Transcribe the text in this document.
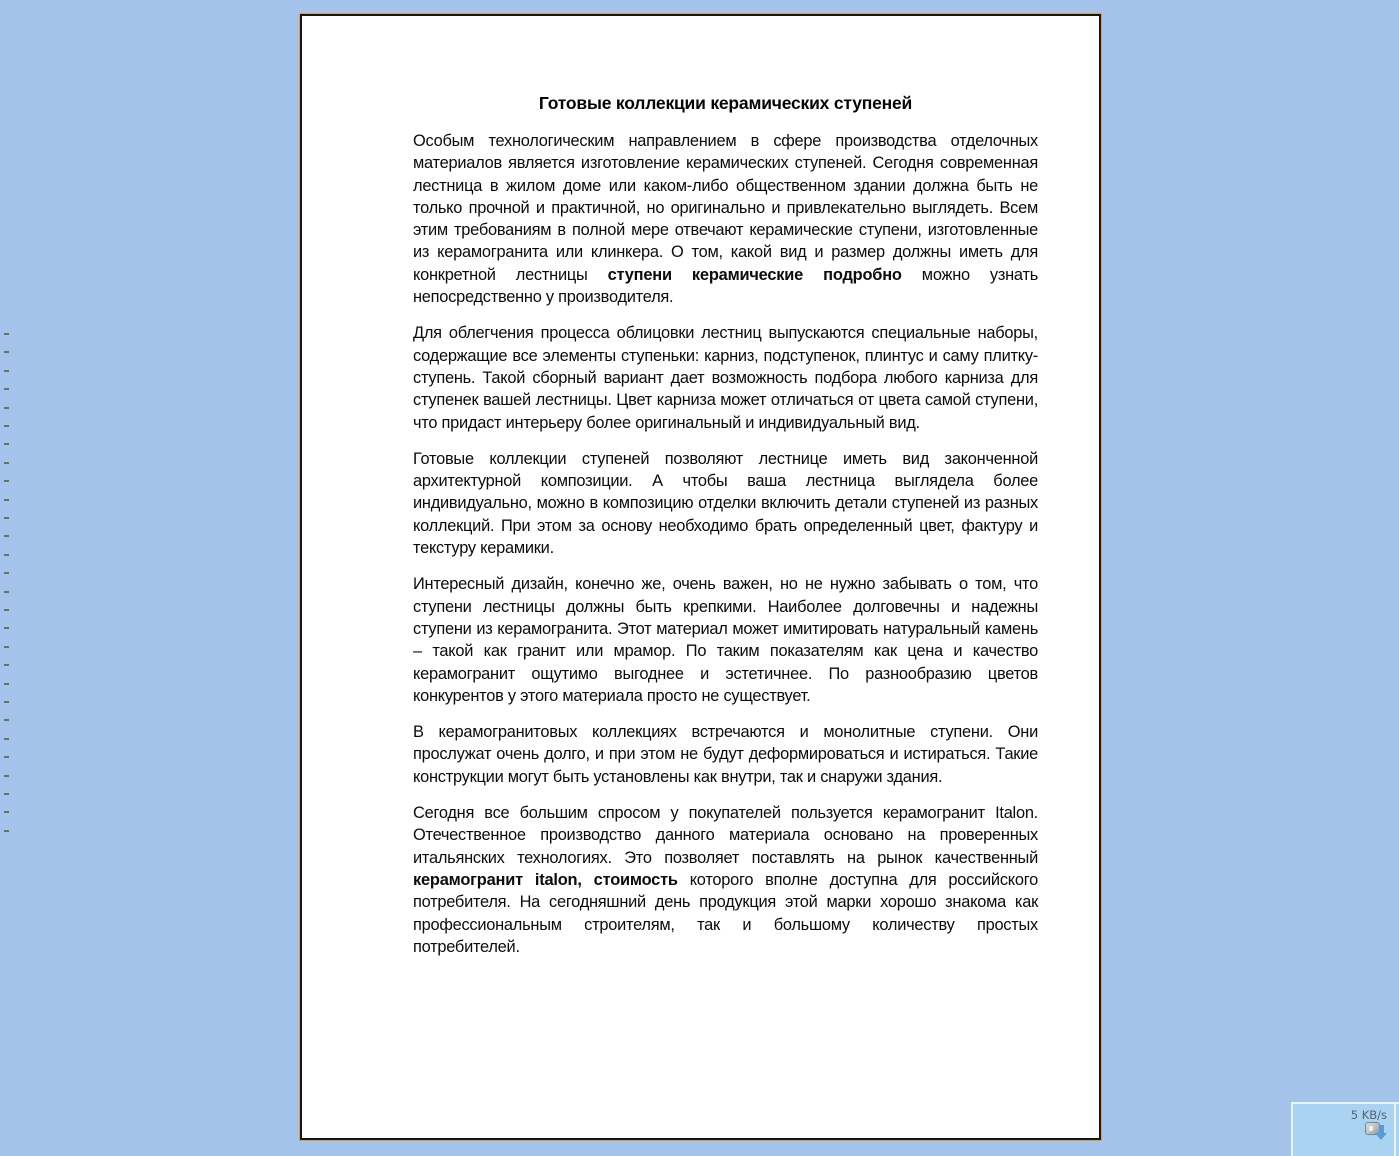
Готовые коллекции керамических ступеней

Особым технологическим направлением в сфере производства отделочных материалов является изготовление керамических ступеней. Сегодня современная лестница в жилом доме или каком-либо общественном здании должна быть не только прочной и практичной, но оригинально и привлекательно выглядеть. Всем этим требованиям в полной мере отвечают керамические ступени, изготовленные из керамогранита или клинкера. О том, какой вид и размер должны иметь для конкретной лестницы ступени керамические подробно можно узнать непосредственно у производителя.

Для облегчения процесса облицовки лестниц выпускаются специальные наборы, содержащие все элементы ступеньки: карниз, подступенок, плинтус и саму плитку-ступень. Такой сборный вариант дает возможность подбора любого карниза для ступенек вашей лестницы. Цвет карниза может отличаться от цвета самой ступени, что придаст интерьеру более оригинальный и индивидуальный вид.

Готовые коллекции ступеней позволяют лестнице иметь вид законченной архитектурной композиции. А чтобы ваша лестница выглядела более индивидуально, можно в композицию отделки включить детали ступеней из разных коллекций. При этом за основу необходимо брать определенный цвет, фактуру и текстуру керамики.

Интересный дизайн, конечно же, очень важен, но не нужно забывать о том, что ступени лестницы должны быть крепкими. Наиболее долговечны и надежны ступени из керамогранита. Этот материал может имитировать натуральный камень – такой как гранит или мрамор. По таким показателям как цена и качество керамогранит ощутимо выгоднее и эстетичнее. По разнообразию цветов конкурентов у этого материала просто не существует.

В керамогранитовых коллекциях встречаются и монолитные ступени. Они прослужат очень долго, и при этом не будут деформироваться и истираться. Такие конструкции могут быть установлены как внутри, так и снаружи здания.

Сегодня все большим спросом у покупателей пользуется керамогранит Italon. Отечественное производство данного материала основано на проверенных итальянских технологиях. Это позволяет поставлять на рынок качественный керамогранит italon, стоимость которого вполне доступна для российского потребителя. На сегодняшний день продукция этой марки хорошо знакома как профессиональным строителям, так и большому количеству простых потребителей.

5 KB/s
